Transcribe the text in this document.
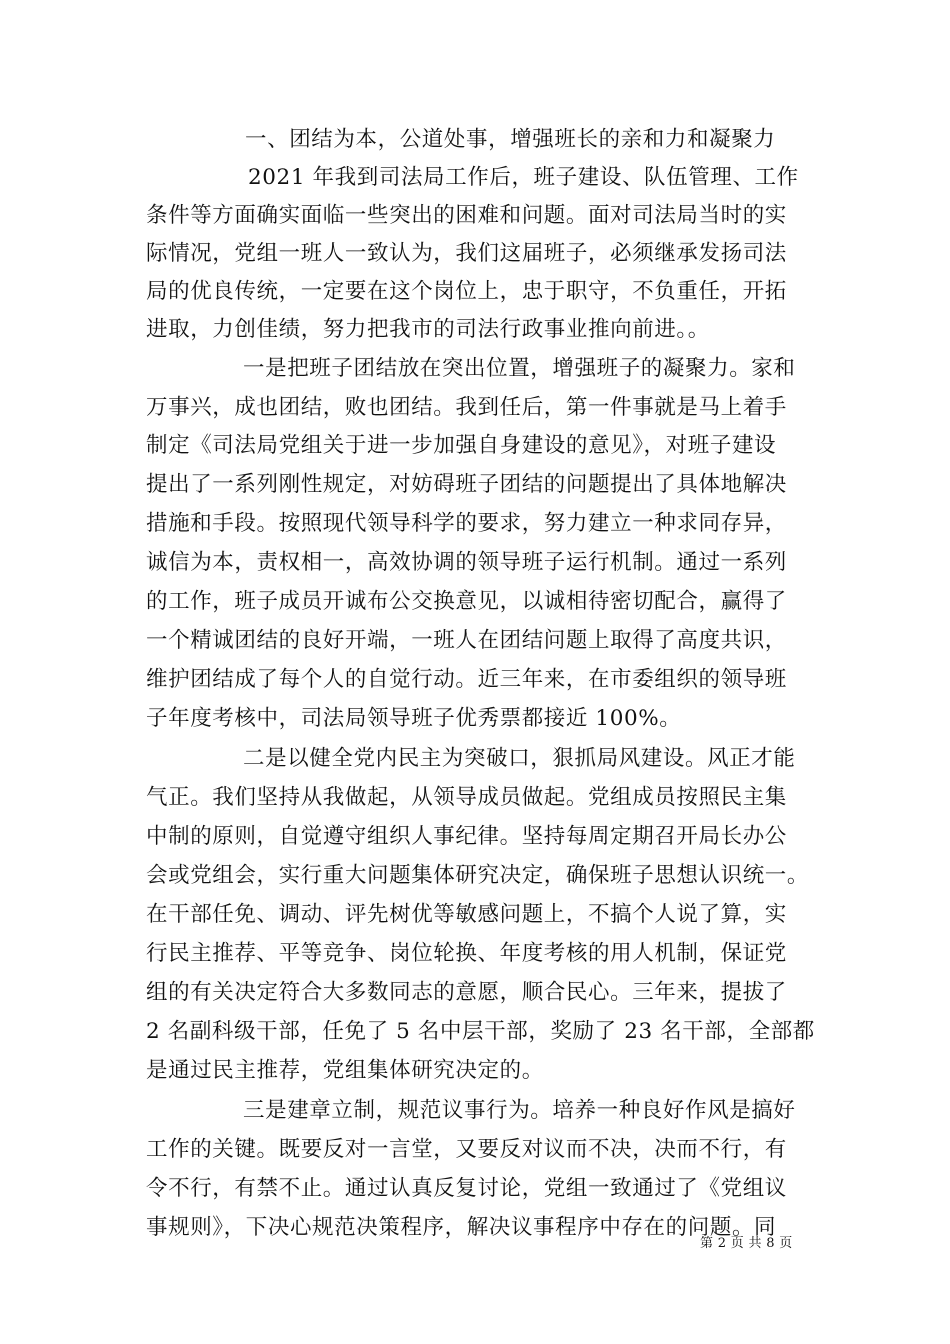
一、团结为本，公道处事，增强班长的亲和力和凝聚力
2021 年我到司法局工作后，班子建设、队伍管理、工作
条件等方面确实面临一些突出的困难和问题。面对司法局当时的实
际情况，党组一班人一致认为，我们这届班子，必须继承发扬司法
局的优良传统，一定要在这个岗位上，忠于职守，不负重任，开拓
进取，力创佳绩，努力把我市的司法行政事业推向前进。。
一是把班子团结放在突出位置，增强班子的凝聚力。家和
万事兴，成也团结，败也团结。我到任后，第一件事就是马上着手
制定《司法局党组关于进一步加强自身建设的意见》，对班子建设
提出了一系列刚性规定，对妨碍班子团结的问题提出了具体地解决
措施和手段。按照现代领导科学的要求，努力建立一种求同存异，
诚信为本，责权相一，高效协调的领导班子运行机制。通过一系列
的工作，班子成员开诚布公交换意见，以诚相待密切配合，赢得了
一个精诚团结的良好开端，一班人在团结问题上取得了高度共识，
维护团结成了每个人的自觉行动。近三年来，在市委组织的领导班
子年度考核中，司法局领导班子优秀票都接近 100%。
二是以健全党内民主为突破口，狠抓局风建设。风正才能
气正。我们坚持从我做起，从领导成员做起。党组成员按照民主集
中制的原则，自觉遵守组织人事纪律。坚持每周定期召开局长办公
会或党组会，实行重大问题集体研究决定，确保班子思想认识统一。
在干部任免、调动、评先树优等敏感问题上，不搞个人说了算，实
行民主推荐、平等竞争、岗位轮换、年度考核的用人机制，保证党
组的有关决定符合大多数同志的意愿，顺合民心。三年来，提拔了
2 名副科级干部，任免了 5 名中层干部，奖励了 23 名干部，全部都
是通过民主推荐，党组集体研究决定的。
三是建章立制，规范议事行为。培养一种良好作风是搞好
工作的关键。既要反对一言堂，又要反对议而不决，决而不行，有
令不行，有禁不止。通过认真反复讨论，党组一致通过了《党组议
事规则》，下决心规范决策程序，解决议事程序中存在的问题。同
第 2 页 共 8 页
